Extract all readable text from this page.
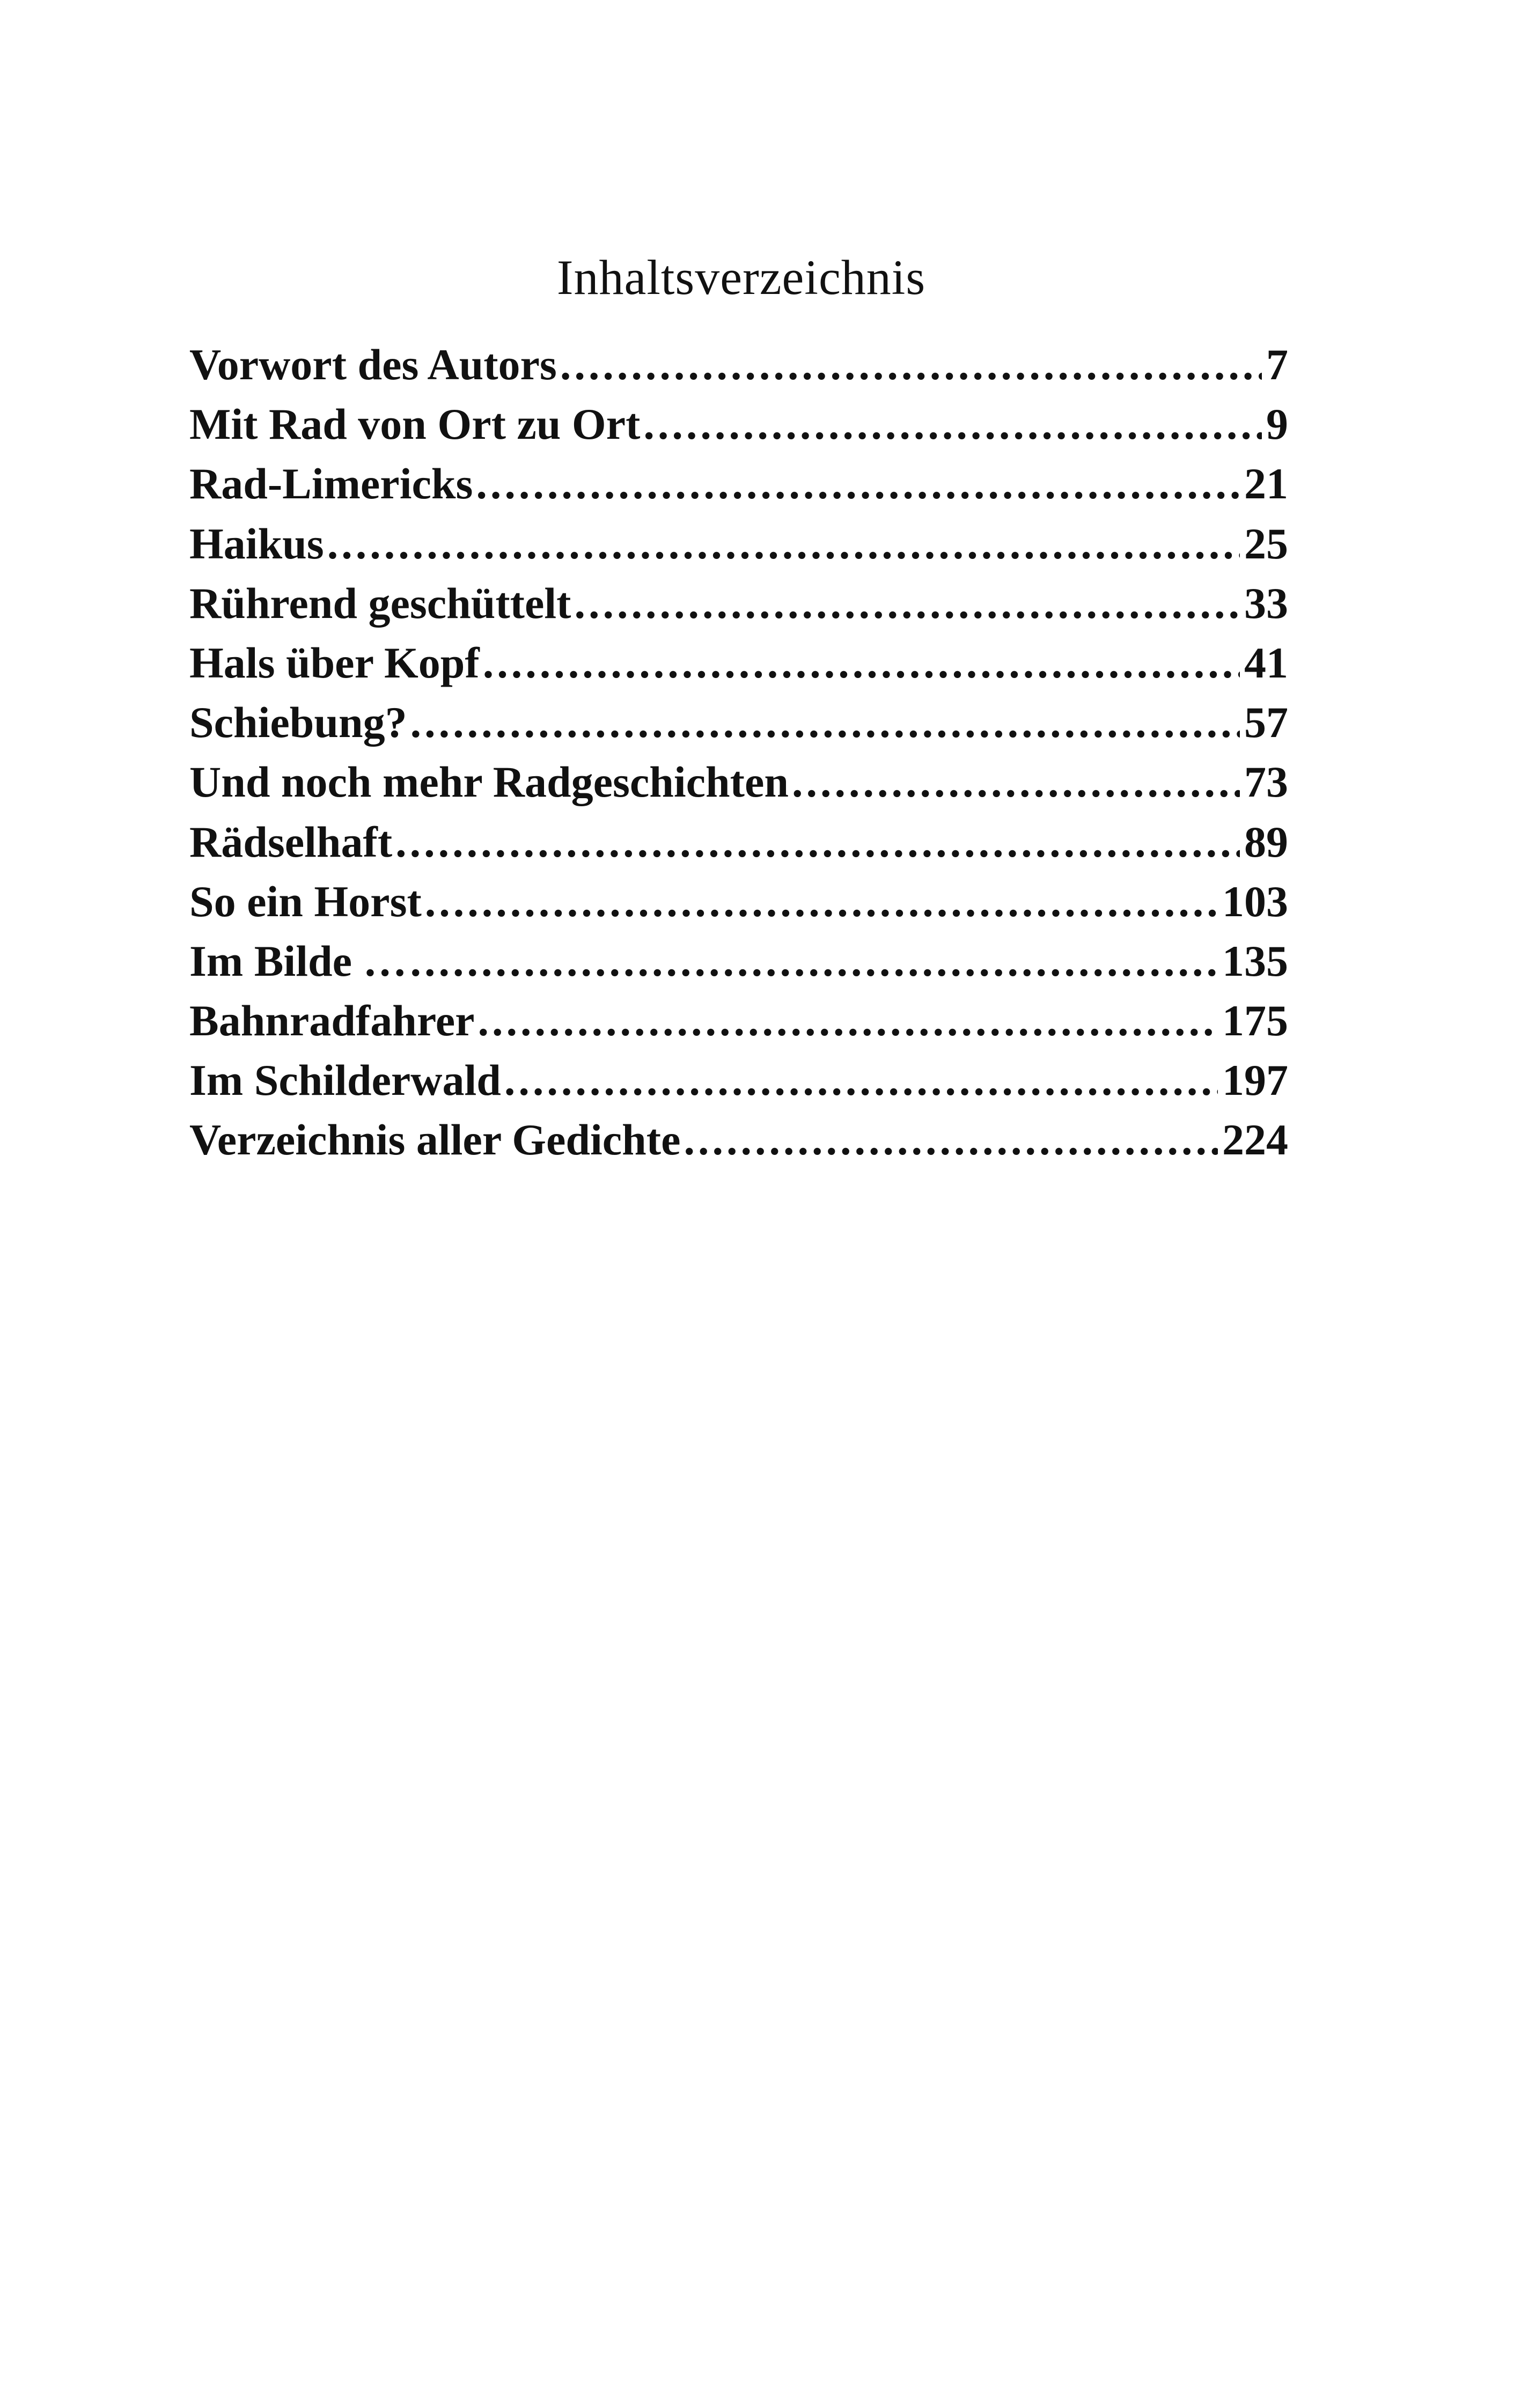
Inhaltsverzeichnis
Vorwort des Autors .....	7
Mit Rad von Ort zu Ort .....	9
Rad-Limericks .....	21
Haikus .....	25
Rührend geschüttelt .....	33
Hals über Kopf .....	41
Schiebung? .....	57
Und noch mehr Radgeschichten .....	73
Rädselhaft .....	89
So ein Horst .....	103
Im Bilde … .....	135
Bahnradfahrer .....	175
Im Schilderwald .....	197
Verzeichnis aller Gedichte .....	224
